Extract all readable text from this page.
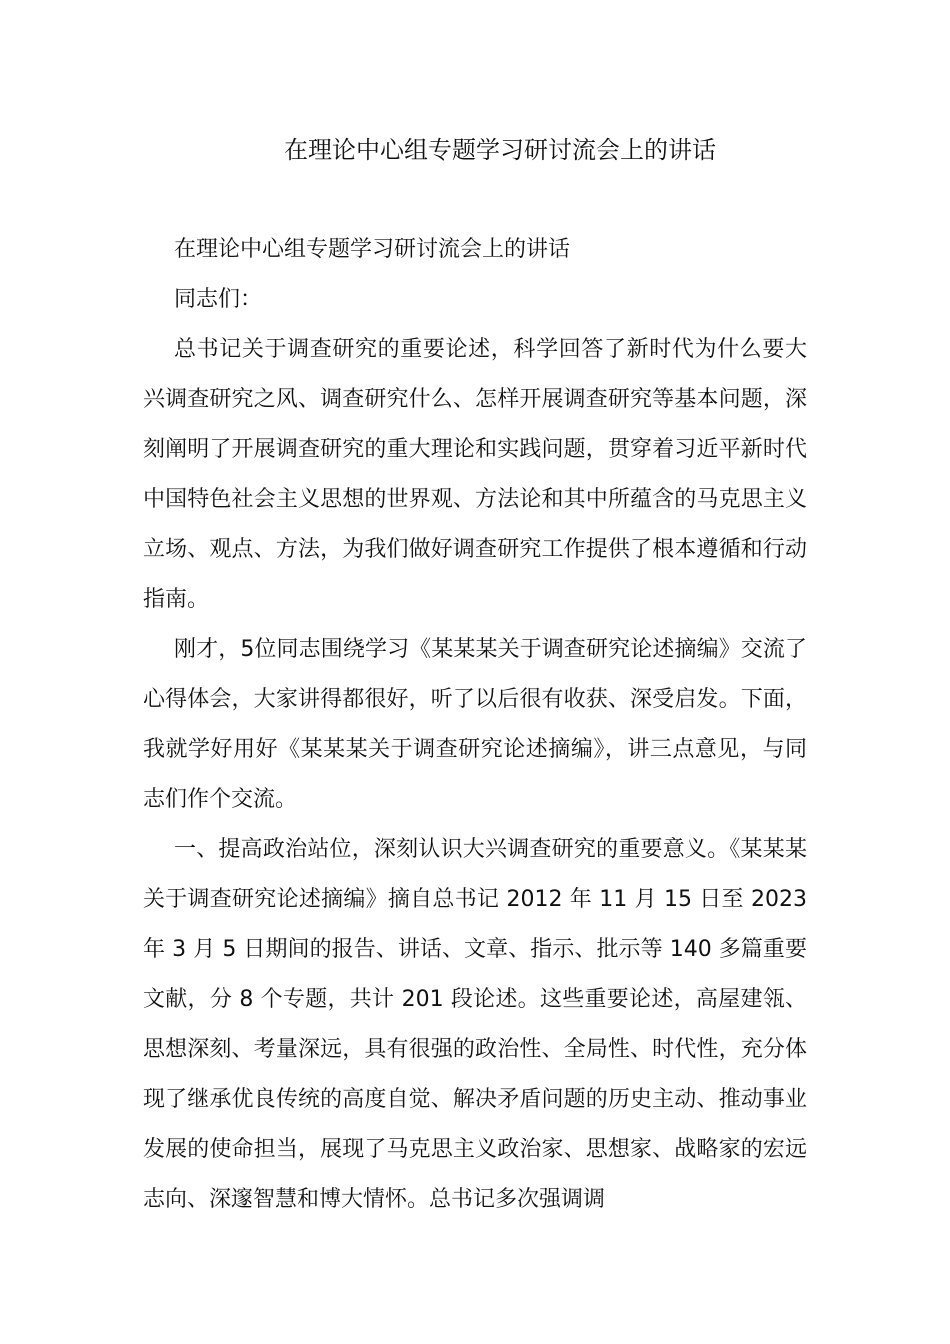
在理论中心组专题学习研讨流会上的讲话

在理论中心组专题学习研讨流会上的讲话

同志们：

总书记关于调查研究的重要论述，科学回答了新时代为什么要大兴调查研究之风、调查研究什么、怎样开展调查研究等基本问题，深刻阐明了开展调查研究的重大理论和实践问题，贯穿着习近平新时代中国特色社会主义思想的世界观、方法论和其中所蕴含的马克思主义立场、观点、方法，为我们做好调查研究工作提供了根本遵循和行动指南。

刚才，5位同志围绕学习《某某某关于调查研究论述摘编》交流了心得体会，大家讲得都很好，听了以后很有收获、深受启发。下面，我就学好用好《某某某关于调查研究论述摘编》，讲三点意见，与同志们作个交流。

一、提高政治站位，深刻认识大兴调查研究的重要意义。《某某某关于调查研究论述摘编》摘自总书记 2012 年 11 月 15 日至 2023 年 3 月 5 日期间的报告、讲话、文章、指示、批示等 140 多篇重要文献，分 8 个专题，共计 201 段论述。这些重要论述，高屋建瓴、思想深刻、考量深远，具有很强的政治性、全局性、时代性，充分体现了继承优良传统的高度自觉、解决矛盾问题的历史主动、推动事业发展的使命担当，展现了马克思主义政治家、思想家、战略家的宏远志向、深邃智慧和博大情怀。总书记多次强调调
